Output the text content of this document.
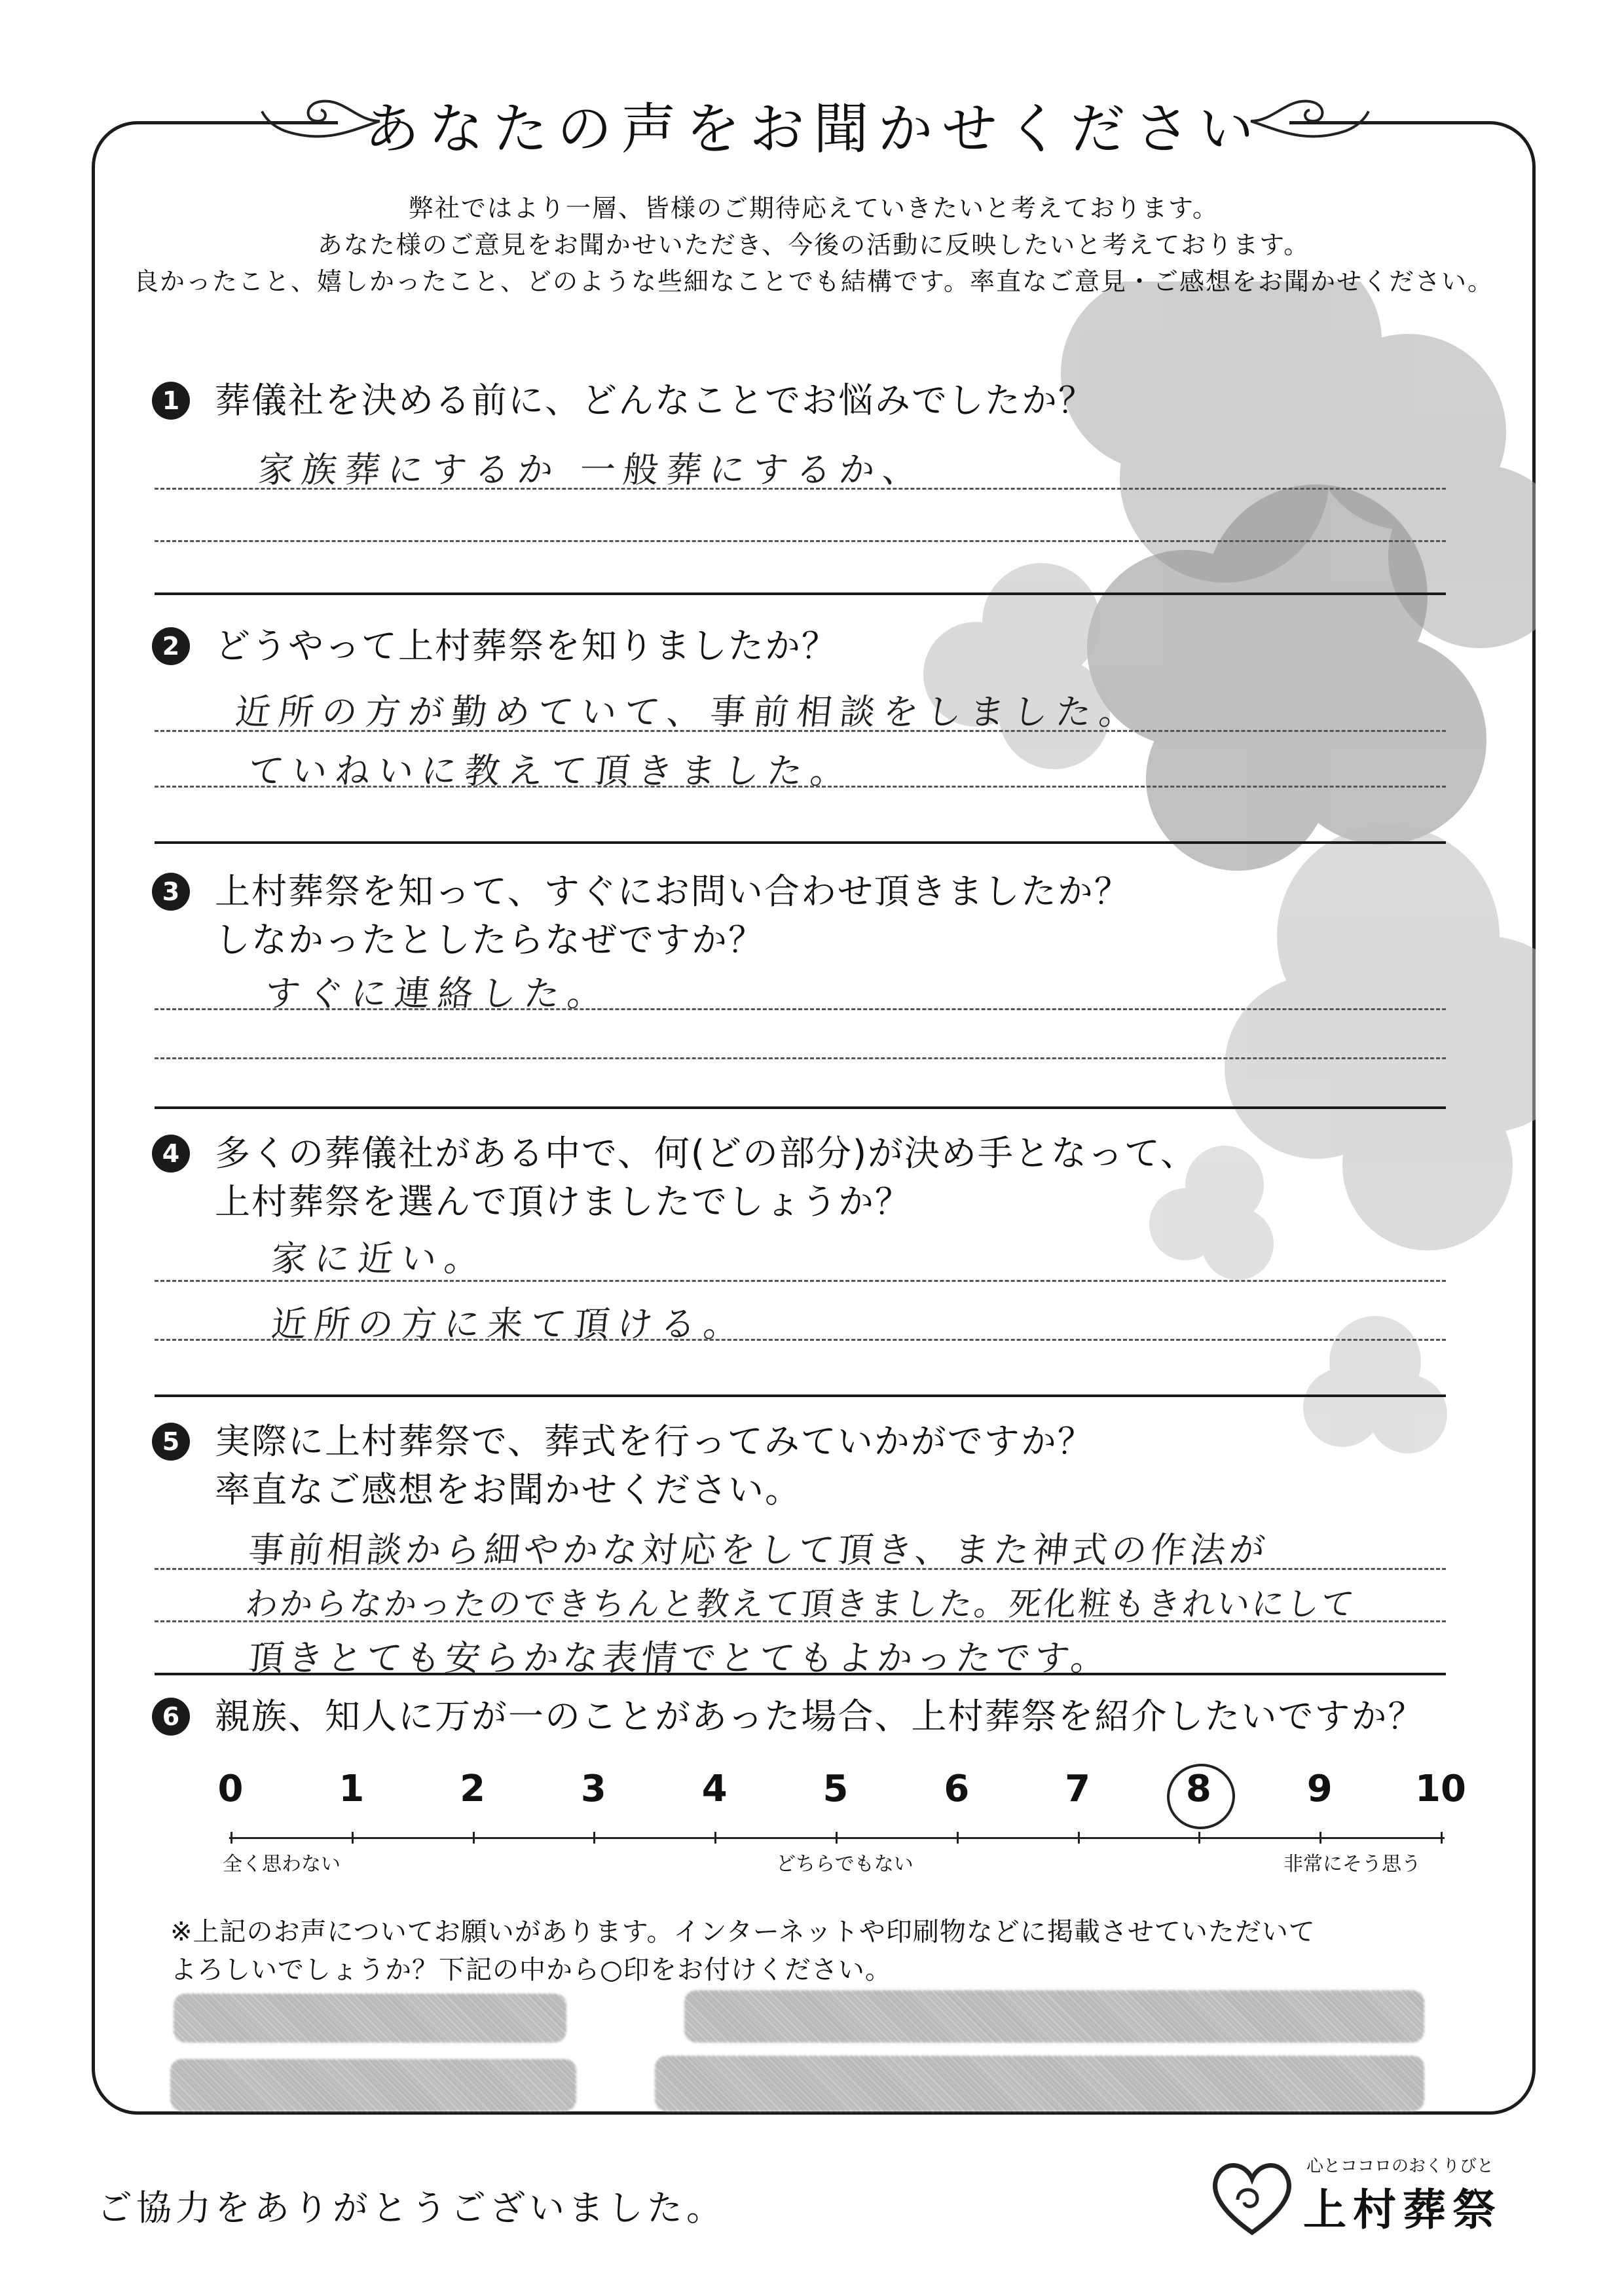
あなたの声をお聞かせください
弊社ではより一層、皆様のご期待応えていきたいと考えております。
あなた様のご意見をお聞かせいただき、今後の活動に反映したいと考えております。
良かったこと、嬉しかったこと、どのような些細なことでも結構です。率直なご意見・ご感想をお聞かせください。
1 葬儀社を決める前に、どんなことでお悩みでしたか？
家族葬にするか 一般葬にするか、
2 どうやって上村葬祭を知りましたか？
近所の方が勤めていて、事前相談をしました。
ていねいに教えて頂きました。
3 上村葬祭を知って、すぐにお問い合わせ頂きましたか？
しなかったとしたらなぜですか？
すぐに連絡した。
4 多くの葬儀社がある中で、何(どの部分)が決め手となって、
上村葬祭を選んで頂けましたでしょうか？
家に近い。
近所の方に来て頂ける。
5 実際に上村葬祭で、葬式を行ってみていかがですか？
率直なご感想をお聞かせください。
事前相談から細やかな対応をして頂き、また神式の作法が
わからなかったのできちんと教えて頂きました。死化粧もきれいにして
頂きとても安らかな表情でとてもよかったです。
6 親族、知人に万が一のことがあった場合、上村葬祭を紹介したいですか？
全く思わない	どちらでもない	非常にそう思う
0	1	2	3	4	5	6	7	8	9	10
※上記のお声についてお願いがあります。インターネットや印刷物などに掲載させていただいて
よろしいでしょうか？下記の中から○印をお付けください。
ご協力をありがとうございました。
心とココロのおくりびと
上村葬祭
